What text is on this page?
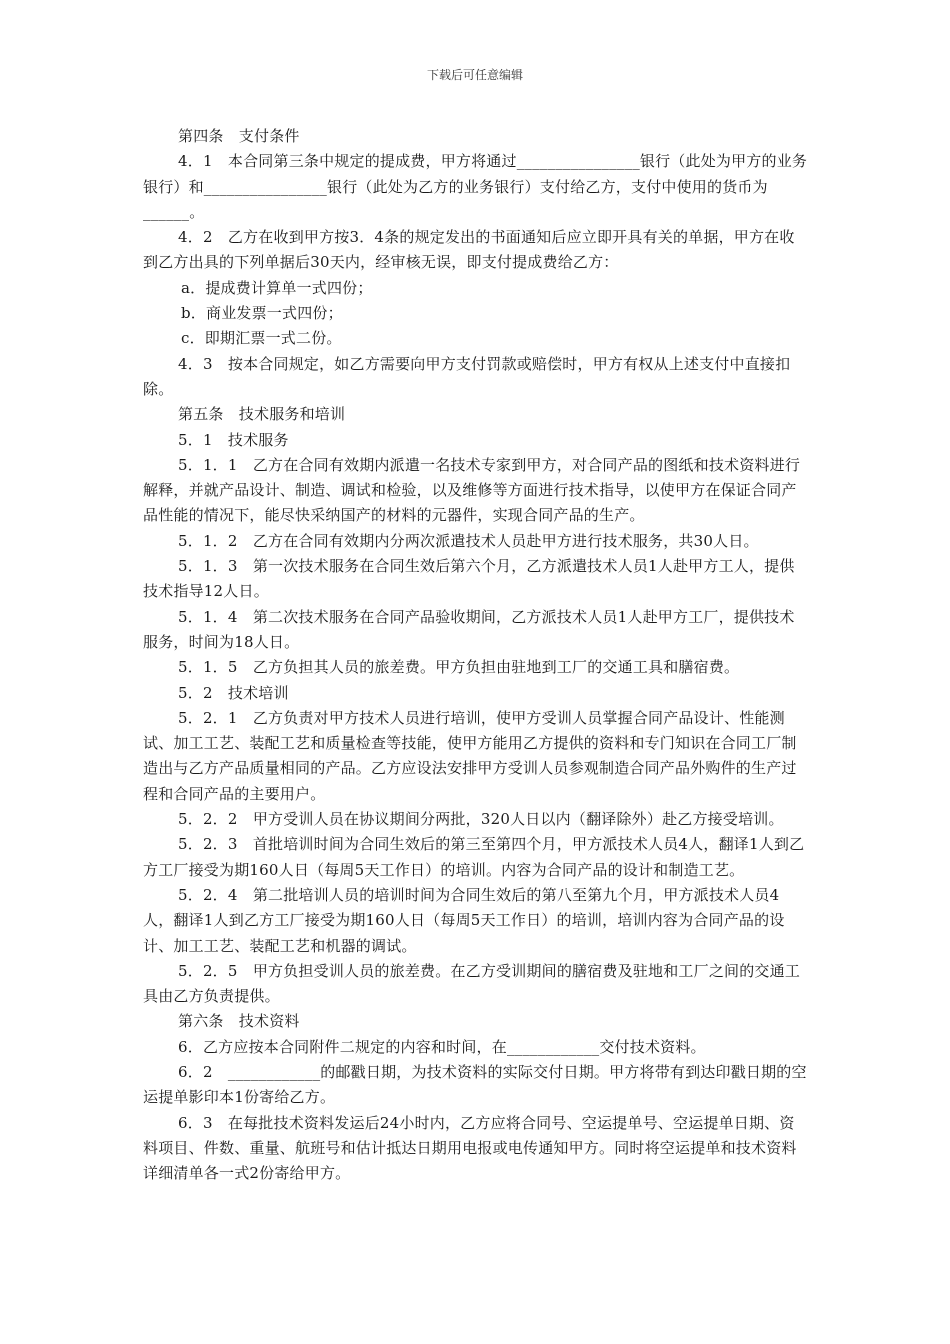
下载后可任意编辑

第四条　支付条件

4．1　本合同第三条中规定的提成费，甲方将通过________________银行（此处为甲方的业务银行）和________________银行（此处为乙方的业务银行）支付给乙方，支付中使用的货币为______。

4．2　乙方在收到甲方按3．4条的规定发出的书面通知后应立即开具有关的单据，甲方在收到乙方出具的下列单据后30天内，经审核无误，即支付提成费给乙方：

a．提成费计算单一式四份；

b．商业发票一式四份；

c．即期汇票一式二份。

4．3　按本合同规定，如乙方需要向甲方支付罚款或赔偿时，甲方有权从上述支付中直接扣除。

第五条　技术服务和培训

5．1　技术服务

5．1．1　乙方在合同有效期内派遣一名技术专家到甲方，对合同产品的图纸和技术资料进行解释，并就产品设计、制造、调试和检验，以及维修等方面进行技术指导，以使甲方在保证合同产品性能的情况下，能尽快采纳国产的材料的元器件，实现合同产品的生产。

5．1．2　乙方在合同有效期内分两次派遣技术人员赴甲方进行技术服务，共30人日。

5．1．3　第一次技术服务在合同生效后第六个月，乙方派遣技术人员1人赴甲方工人，提供技术指导12人日。

5．1．4　第二次技术服务在合同产品验收期间，乙方派技术人员1人赴甲方工厂，提供技术服务，时间为18人日。

5．1．5　乙方负担其人员的旅差费。甲方负担由驻地到工厂的交通工具和膳宿费。

5．2　技术培训

5．2．1　乙方负责对甲方技术人员进行培训，使甲方受训人员掌握合同产品设计、性能测试、加工工艺、装配工艺和质量检查等技能，使甲方能用乙方提供的资料和专门知识在合同工厂制造出与乙方产品质量相同的产品。乙方应设法安排甲方受训人员参观制造合同产品外购件的生产过程和合同产品的主要用户。

5．2．2　甲方受训人员在协议期间分两批，320人日以内（翻译除外）赴乙方接受培训。

5．2．3　首批培训时间为合同生效后的第三至第四个月，甲方派技术人员4人，翻译1人到乙方工厂接受为期160人日（每周5天工作日）的培训。内容为合同产品的设计和制造工艺。

5．2．4　第二批培训人员的培训时间为合同生效后的第八至第九个月，甲方派技术人员4人，翻译1人到乙方工厂接受为期160人日（每周5天工作日）的培训，培训内容为合同产品的设计、加工工艺、装配工艺和机器的调试。

5．2．5　甲方负担受训人员的旅差费。在乙方受训期间的膳宿费及驻地和工厂之间的交通工具由乙方负责提供。

第六条　技术资料

6．乙方应按本合同附件二规定的内容和时间，在____________交付技术资料。

6．2　____________的邮戳日期，为技术资料的实际交付日期。甲方将带有到达印戳日期的空运提单影印本1份寄给乙方。

6．3　在每批技术资料发运后24小时内，乙方应将合同号、空运提单号、空运提单日期、资料项目、件数、重量、航班号和估计抵达日期用电报或电传通知甲方。同时将空运提单和技术资料详细清单各一式2份寄给甲方。
